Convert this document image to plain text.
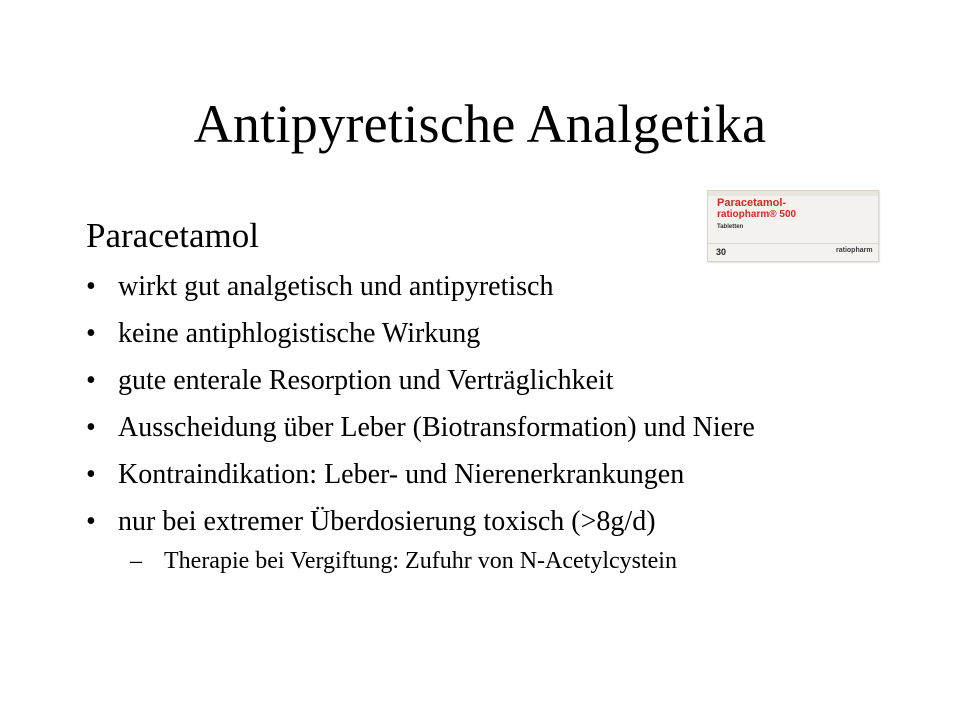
Antipyretische Analgetika
Paracetamol
• wirkt gut analgetisch und antipyretisch
• keine antiphlogistische Wirkung
• gute enterale Resorption und Verträglichkeit
• Ausscheidung über Leber (Biotransformation) und Niere
• Kontraindikation: Leber- und Nierenerkrankungen
• nur bei extremer Überdosierung toxisch (>8g/d)
– Therapie bei Vergiftung: Zufuhr von N-Acetylcystein
Paracetamol-
ratiopharm® 500
Tabletten
30	ratiopharm
